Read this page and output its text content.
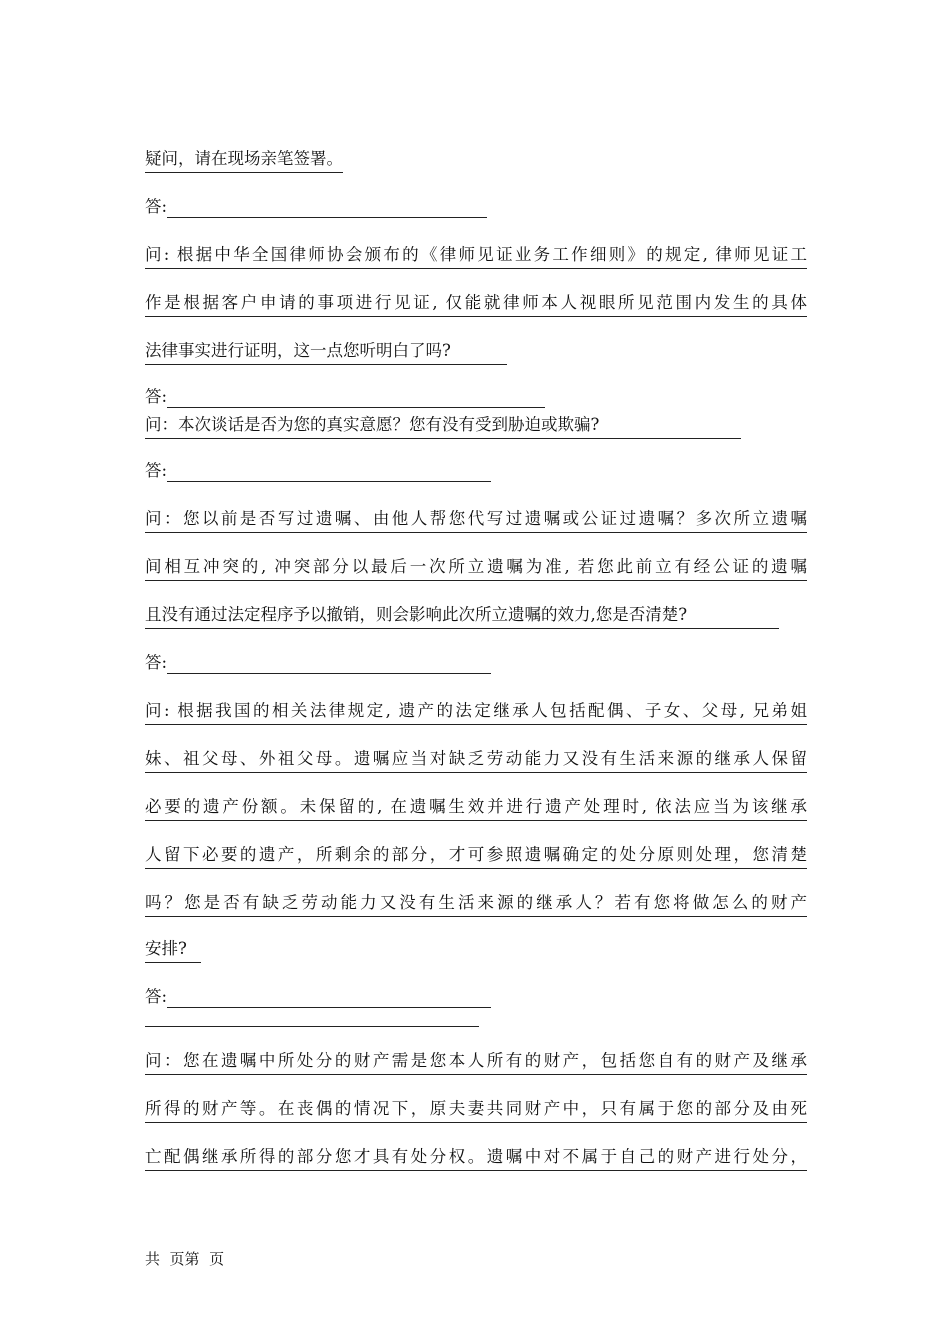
疑问，请在现场亲笔签署。
答:
问: 根据中华全国律师协会颁布的《律师见证业务工作细则》的规定, 律师见证工
作是根据客户申请的事项进行见证, 仅能就律师本人视眼所见范围内发生的具体
法律事实进行证明，这一点您听明白了吗?
答:
问：本次谈话是否为您的真实意愿？您有没有受到胁迫或欺骗?
答:
问：您以前是否写过遗嘱、由他人帮您代写过遗嘱或公证过遗嘱？多次所立遗嘱
间相互冲突的, 冲突部分以最后一次所立遗嘱为准, 若您此前立有经公证的遗嘱
且没有通过法定程序予以撤销，则会影响此次所立遗嘱的效力,您是否清楚?
答:
问: 根据我国的相关法律规定, 遗产的法定继承人包括配偶、子女、父母, 兄弟姐
妹、祖父母、外祖父母。遗嘱应当对缺乏劳动能力又没有生活来源的继承人保留
必要的遗产份额。未保留的, 在遗嘱生效并进行遗产处理时, 依法应当为该继承
人留下必要的遗产，所剩余的部分，才可参照遗嘱确定的处分原则处理，您清楚
吗？您是否有缺乏劳动能力又没有生活来源的继承人？若有您将做怎么的财产
安排?
答:
问：您在遗嘱中所处分的财产需是您本人所有的财产，包括您自有的财产及继承
所得的财产等。在丧偶的情况下，原夫妻共同财产中，只有属于您的部分及由死
亡配偶继承所得的部分您才具有处分权。遗嘱中对不属于自己的财产进行处分，
共  页第  页
